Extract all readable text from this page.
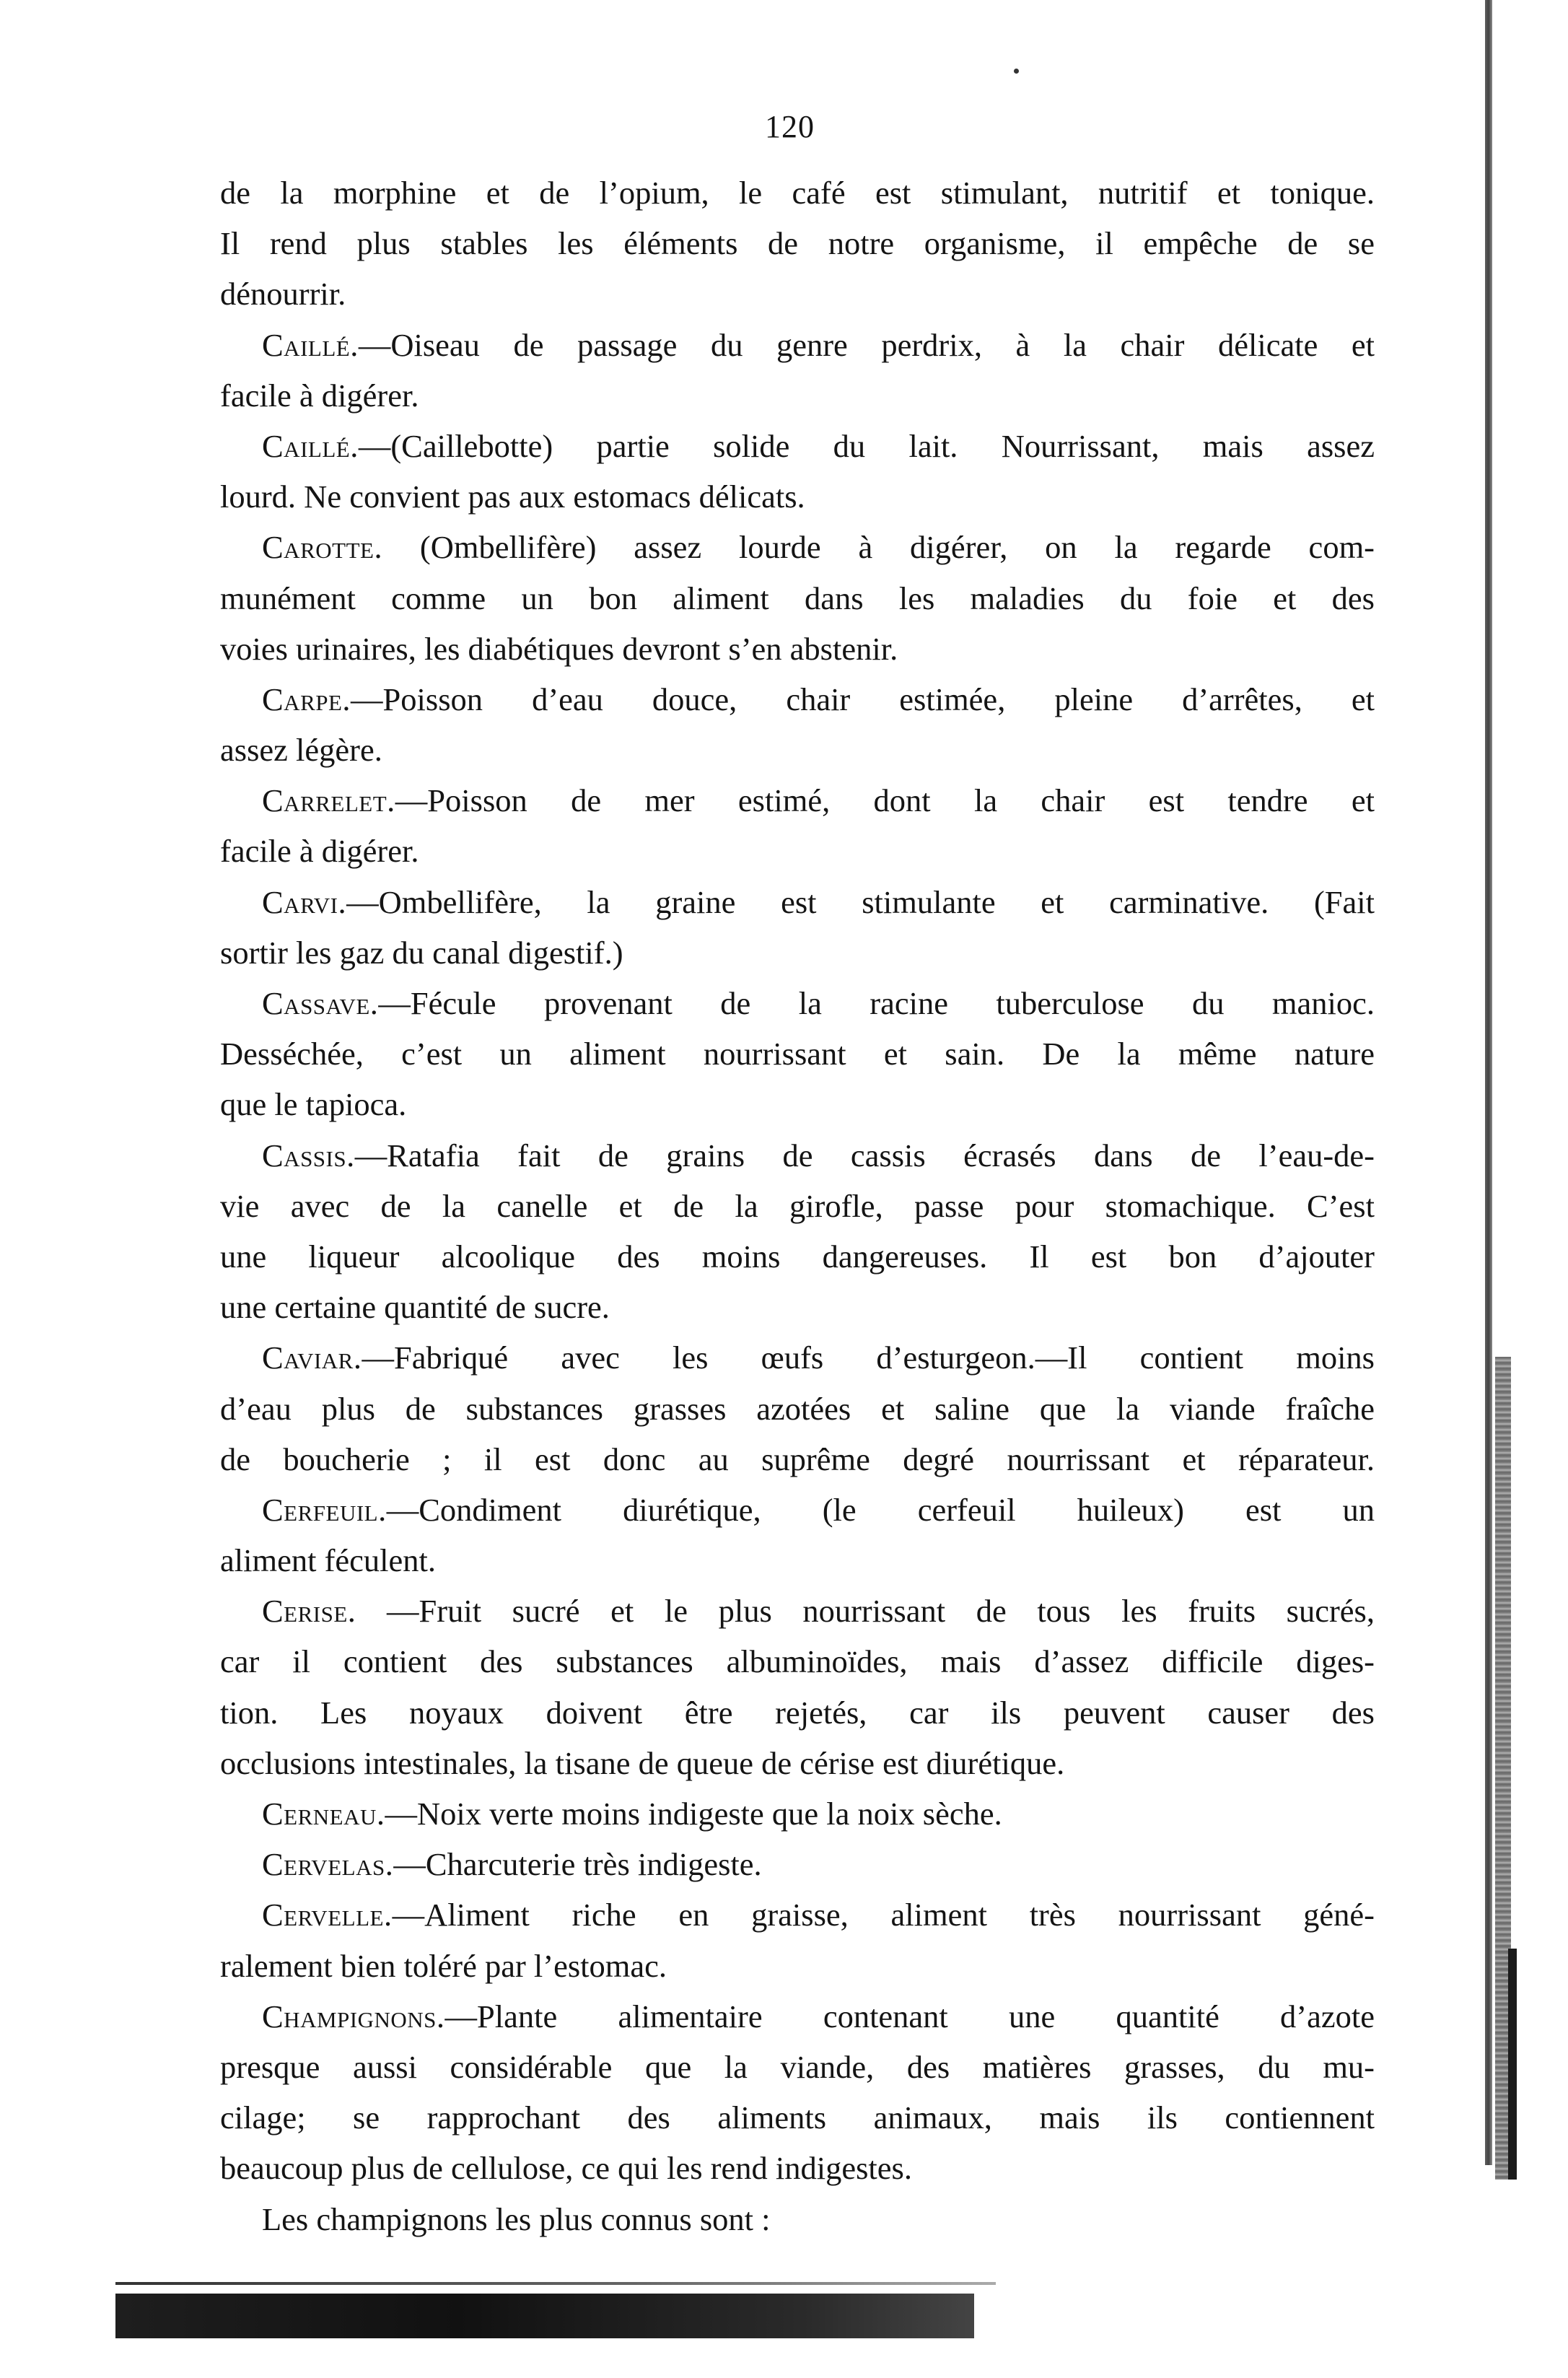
120
de la morphine et de l’opium, le café est stimulant, nutritif et tonique.
Il rend plus stables les éléments de notre organisme, il empêche de se
dénourrir.
Caillé.—Oiseau de passage du genre perdrix, à la chair délicate et
facile à digérer.
Caillé.—(Caillebotte) partie solide du lait. Nourrissant, mais assez
lourd. Ne convient pas aux estomacs délicats.
Carotte. (Ombellifère) assez lourde à digérer, on la regarde com-
munément comme un bon aliment dans les maladies du foie et des
voies urinaires, les diabétiques devront s’en abstenir.
Carpe.—Poisson d’eau douce, chair estimée, pleine d’arrêtes, et
assez légère.
Carrelet.—Poisson de mer estimé, dont la chair est tendre et
facile à digérer.
Carvi.—Ombellifère, la graine est stimulante et carminative. (Fait
sortir les gaz du canal digestif.)
Cassave.—Fécule provenant de la racine tuberculose du manioc.
Desséchée, c’est un aliment nourrissant et sain. De la même nature
que le tapioca.
Cassis.—Ratafia fait de grains de cassis écrasés dans de l’eau-de-
vie avec de la canelle et de la girofle, passe pour stomachique. C’est
une liqueur alcoolique des moins dangereuses. Il est bon d’ajouter
une certaine quantité de sucre.
Caviar.—Fabriqué avec les œufs d’esturgeon.—Il contient moins
d’eau plus de substances grasses azotées et saline que la viande fraîche
de boucherie ; il est donc au suprême degré nourrissant et réparateur.
Cerfeuil.—Condiment diurétique, (le cerfeuil huileux) est un
aliment féculent.
Cerise. —Fruit sucré et le plus nourrissant de tous les fruits sucrés,
car il contient des substances albuminoïdes, mais d’assez difficile diges-
tion. Les noyaux doivent être rejetés, car ils peuvent causer des
occlusions intestinales, la tisane de queue de cérise est diurétique.
Cerneau.—Noix verte moins indigeste que la noix sèche.
Cervelas.—Charcuterie très indigeste.
Cervelle.—Aliment riche en graisse, aliment très nourrissant géné-
ralement bien toléré par l’estomac.
Champignons.—Plante alimentaire contenant une quantité d’azote
presque aussi considérable que la viande, des matières grasses, du mu-
cilage; se rapprochant des aliments animaux, mais ils contiennent
beaucoup plus de cellulose, ce qui les rend indigestes.
Les champignons les plus connus sont :
